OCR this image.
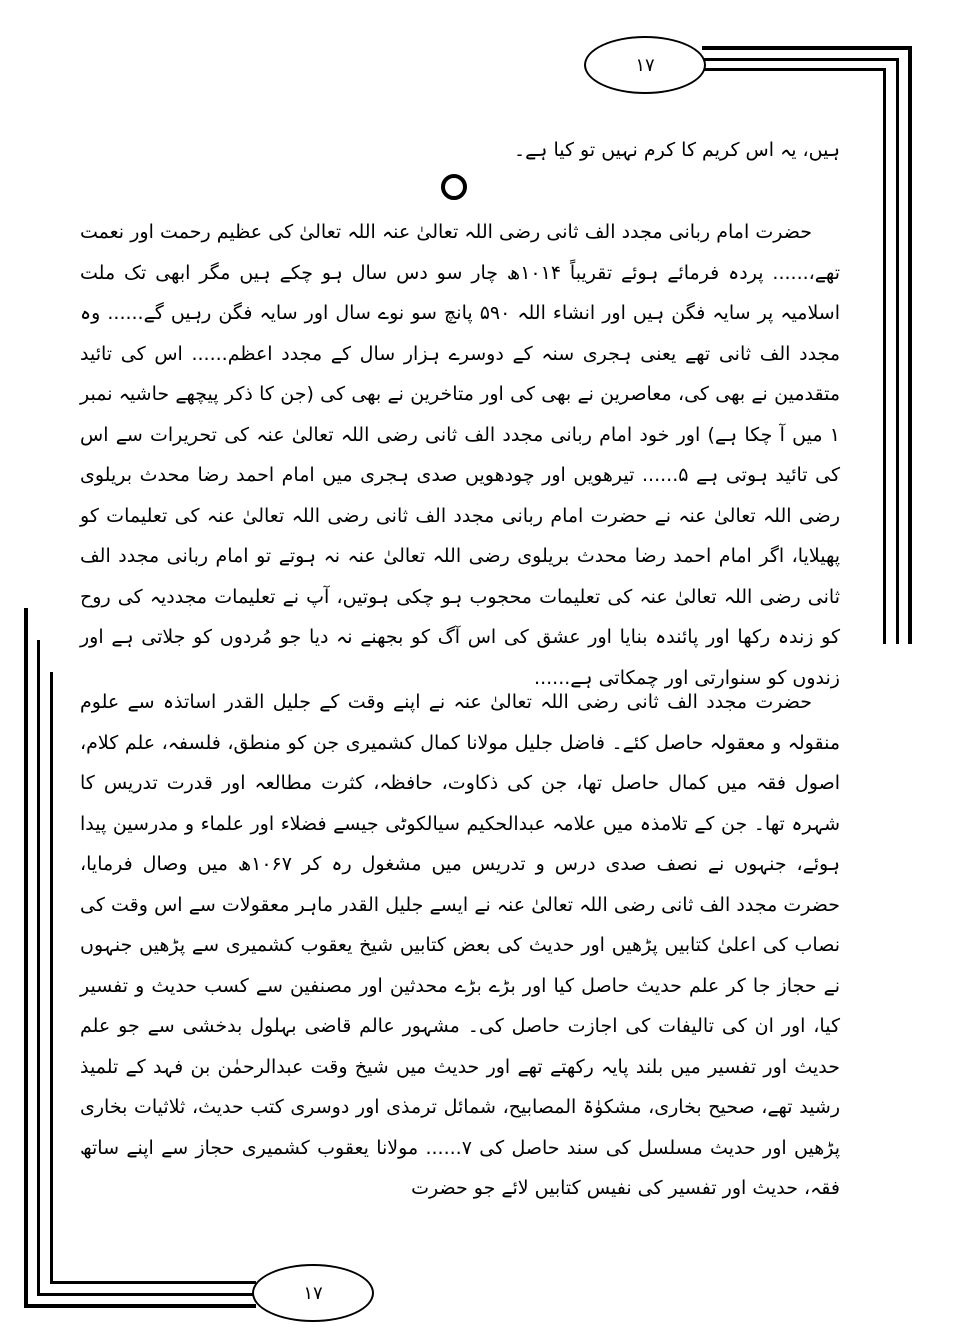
۱۷
۱۷

ہیں، یہ اس کریم کا کرم نہیں تو کیا ہے۔

حضرت امام ربانی مجدد الف ثانی رضی اللہ تعالیٰ عنہ اللہ تعالیٰ کی عظیم رحمت اور نعمت تھے،...... پردہ فرمائے ہوئے تقریباً ۱۰۱۴ھ چار سو دس سال ہو چکے ہیں مگر ابھی تک ملت اسلامیہ پر سایہ فگن ہیں اور انشاء اللہ ۵۹۰ پانچ سو نوے سال اور سایہ فگن رہیں گے...... وہ مجدد الف ثانی تھے یعنی ہجری سنہ کے دوسرے ہزار سال کے مجدد اعظم...... اس کی تائید متقدمین نے بھی کی، معاصرین نے بھی کی اور متاخرین نے بھی کی (جن کا ذکر پیچھے حاشیہ نمبر ۱ میں آ چکا ہے) اور خود امام ربانی مجدد الف ثانی رضی اللہ تعالیٰ عنہ کی تحریرات سے اس کی تائید ہوتی ہے ۵...... تیرھویں اور چودھویں صدی ہجری میں امام احمد رضا محدث بریلوی رضی اللہ تعالیٰ عنہ نے حضرت امام ربانی مجدد الف ثانی رضی اللہ تعالیٰ عنہ کی تعلیمات کو پھیلایا، اگر امام احمد رضا محدث بریلوی رضی اللہ تعالیٰ عنہ نہ ہوتے تو امام ربانی مجدد الف ثانی رضی اللہ تعالیٰ عنہ کی تعلیمات محجوب ہو چکی ہوتیں، آپ نے تعلیمات مجددیہ کی روح کو زندہ رکھا اور پائندہ بنایا اور عشق کی اس آگ کو بجھنے نہ دیا جو مُردوں کو جلاتی ہے اور زندوں کو سنوارتی اور چمکاتی ہے......

حضرت مجدد الف ثانی رضی اللہ تعالیٰ عنہ نے اپنے وقت کے جلیل القدر اساتذہ سے علوم منقولہ و معقولہ حاصل کئے۔ فاضل جلیل مولانا کمال کشمیری جن کو منطق، فلسفہ، علم کلام، اصول فقہ میں کمال حاصل تھا، جن کی ذکاوت، حافظہ، کثرت مطالعہ اور قدرت تدریس کا شہرہ تھا۔ جن کے تلامذہ میں علامہ عبدالحکیم سیالکوٹی جیسے فضلاء اور علماء و مدرسین پیدا ہوئے، جنہوں نے نصف صدی درس و تدریس میں مشغول رہ کر ۱۰۶۷ھ میں وصال فرمایا، حضرت مجدد الف ثانی رضی اللہ تعالیٰ عنہ نے ایسے جلیل القدر ماہر معقولات سے اس وقت کی نصاب کی اعلیٰ کتابیں پڑھیں اور حدیث کی بعض کتابیں شیخ یعقوب کشمیری سے پڑھیں جنہوں نے حجاز جا کر علم حدیث حاصل کیا اور بڑے بڑے محدثین اور مصنفین سے کسب حدیث و تفسیر کیا، اور ان کی تالیفات کی اجازت حاصل کی۔ مشہور عالم قاضی بہلول بدخشی سے جو علم حدیث اور تفسیر میں بلند پایہ رکھتے تھے اور حدیث میں شیخ وقت عبدالرحمٰن بن فہد کے تلمیذ رشید تھے، صحیح بخاری، مشکوٰۃ المصابیح، شمائل ترمذی اور دوسری کتب حدیث، ثلاثیات بخاری پڑھیں اور حدیث مسلسل کی سند حاصل کی ۷...... مولانا یعقوب کشمیری حجاز سے اپنے ساتھ فقہ، حدیث اور تفسیر کی نفیس کتابیں لائے جو حضرت
